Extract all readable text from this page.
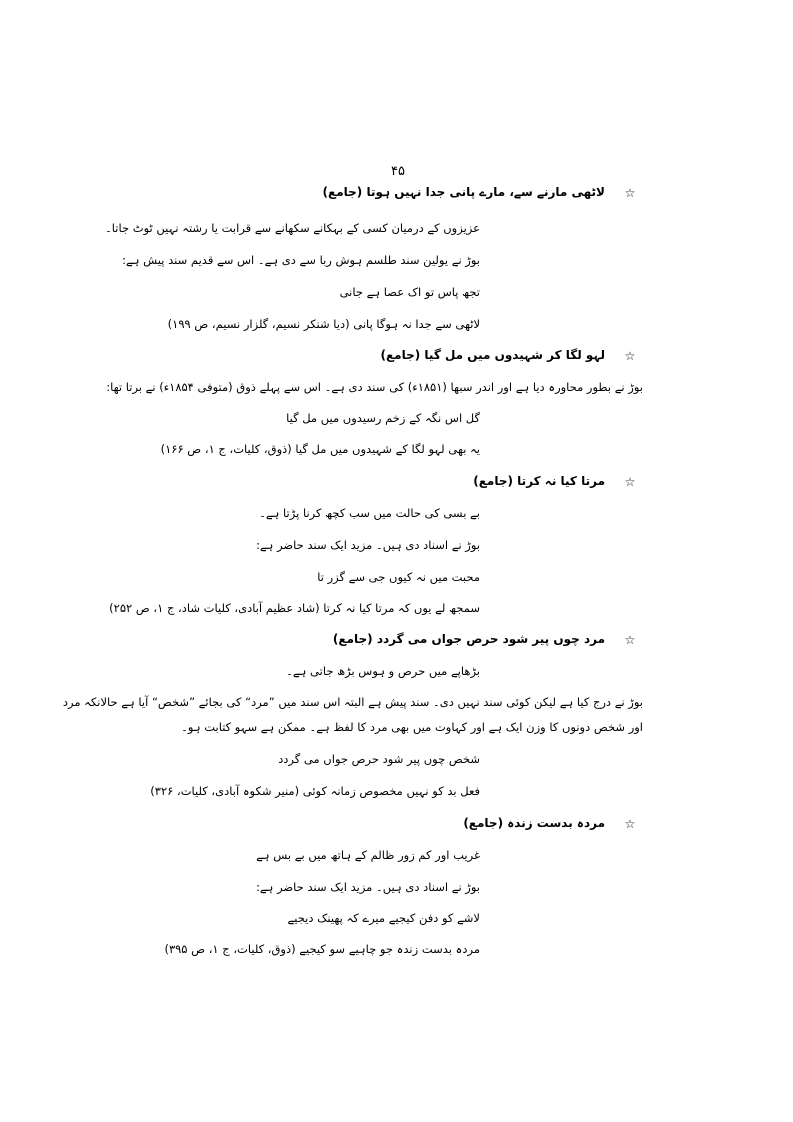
۴۵
☆
لاٹھی مارنے سے، مارے پانی جدا نہیں ہوتا (جامع)
عزیزوں کے درمیان کسی کے بہکانے سکھانے سے قرابت یا رشتہ نہیں ٹوٹ جاتا۔
بوڑ نے یولین سند طلسم ہوش ربا سے دی ہے۔ اس سے قدیم سند پیش ہے:
تجھ پاس تو اک عصا ہے جانی
لاٹھی سے جدا نہ ہوگا پانی (دیا شنکر نسیم، گلزار نسیم، ص ۱۹۹)
☆
لہو لگا کر شہیدوں میں مل گیا (جامع)
بوڑ نے بطور محاورہ دیا ہے اور اندر سبھا (۱۸۵۱ء) کی سند دی ہے۔ اس سے پہلے ذوق (متوفی ۱۸۵۴ء) نے برتا تھا:
گل اس نگہ کے زخم رسیدوں میں مل گیا
یہ بھی لہو لگا کے شہیدوں میں مل گیا (ذوق، کلیات، ج ۱، ص ۱۶۶)
☆
مرتا کیا نہ کرتا (جامع)
بے بسی کی حالت میں سب کچھ کرنا پڑتا ہے۔
بوڑ نے اسناد دی ہیں۔ مزید ایک سند حاضر ہے:
محبت میں نہ کیوں جی سے گزر تا
سمجھ لے یوں کہ مرتا کیا نہ کرتا (شاد عظیم آبادی، کلیات شاد، ج ۱، ص ۲۵۲)
☆
مرد چوں پیر شود حرص جواں می گردد (جامع)
بڑھاپے میں حرص و ہوس بڑھ جاتی ہے۔
بوڑ نے درج کیا ہے لیکن کوئی سند نہیں دی۔ سند پیش ہے البتہ اس سند میں ”مرد“ کی بجائے ”شخص“ آیا ہے حالانکہ مرد
اور شخص دونوں کا وزن ایک ہے اور کہاوت میں بھی مرد کا لفظ ہے۔ ممکن ہے سہو کتابت ہو۔
شخص چوں پیر شود حرص جواں می گردد
فعل بد کو نہیں مخصوص زمانہ کوئی (منیر شکوہ آبادی، کلیات، ۳۲۶)
☆
مردہ بدست زندہ (جامع)
غریب اور کم زور ظالم کے ہاتھ میں بے بس ہے
بوڑ نے اسناد دی ہیں۔ مزید ایک سند حاضر ہے:
لاشے کو دفن کیجیے میرے کہ پھینک دیجیے
مردہ بدست زندہ جو چاہیے سو کیجیے (ذوق، کلیات، ج ۱، ص ۳۹۵)
